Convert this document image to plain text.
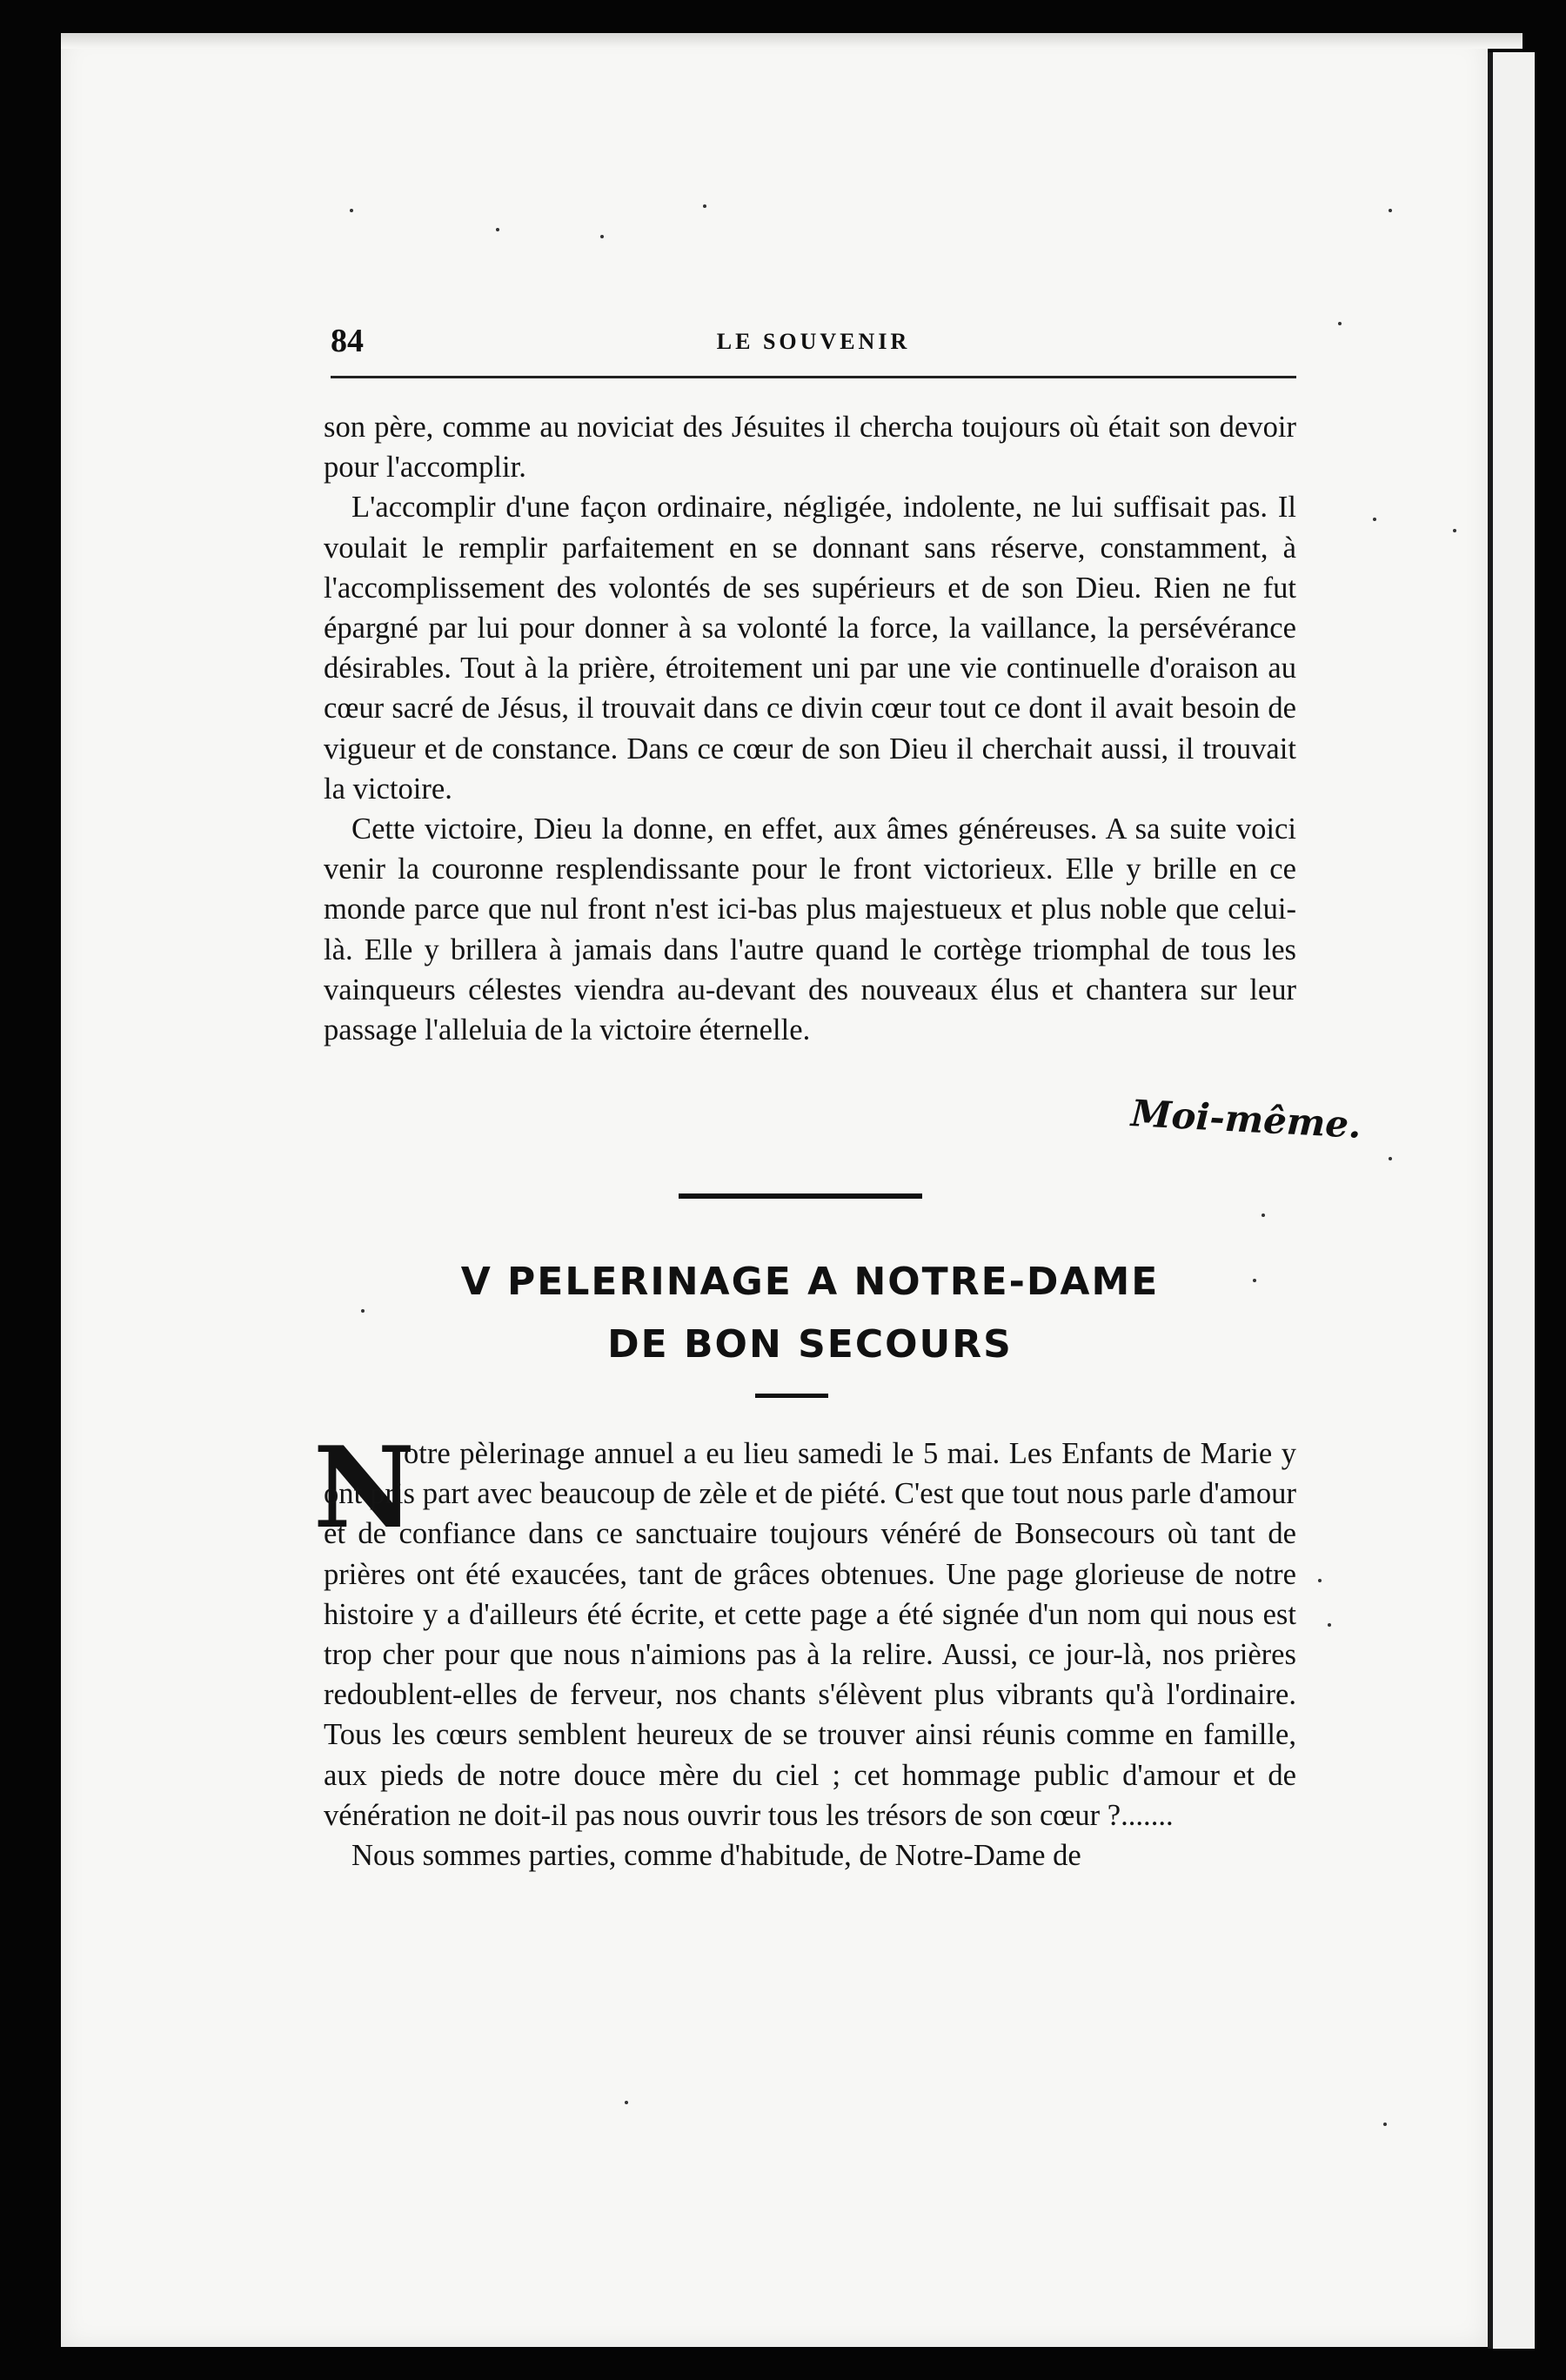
84	LE SOUVENIR

son père, comme au noviciat des Jésuites il chercha toujours où était son devoir pour l'accomplir.

L'accomplir d'une façon ordinaire, négligée, indolente, ne lui suffisait pas. Il voulait le remplir parfaitement en se donnant sans réserve, constamment, à l'accomplissement des volontés de ses supérieurs et de son Dieu. Rien ne fut épargné par lui pour donner à sa volonté la force, la vaillance, la persévérance désirables. Tout à la prière, étroitement uni par une vie continuelle d'oraison au cœur sacré de Jésus, il trouvait dans ce divin cœur tout ce dont il avait besoin de vigueur et de constance. Dans ce cœur de son Dieu il cherchait aussi, il trouvait la victoire.

Cette victoire, Dieu la donne, en effet, aux âmes généreuses. A sa suite voici venir la couronne resplendissante pour le front victorieux. Elle y brille en ce monde parce que nul front n'est ici-bas plus majestueux et plus noble que celui-là. Elle y brillera à jamais dans l'autre quand le cortège triomphal de tous les vainqueurs célestes viendra au-devant des nouveaux élus et chantera sur leur passage l'alleluia de la victoire éternelle.

Moi-même.
V PELERINAGE A NOTRE-DAME
DE BON SECOURS
N

otre pèlerinage annuel a eu lieu samedi le 5 mai. Les Enfants de Marie y ont pris part avec beaucoup de zèle et de piété. C'est que tout nous parle d'amour et de confiance dans ce sanctuaire toujours vénéré de Bonsecours où tant de prières ont été exaucées, tant de grâces obtenues. Une page glorieuse de notre histoire y a d'ailleurs été écrite, et cette page a été signée d'un nom qui nous est trop cher pour que nous n'aimions pas à la relire. Aussi, ce jour-là, nos prières redoublent-elles de ferveur, nos chants s'élèvent plus vibrants qu'à l'ordinaire. Tous les cœurs semblent heureux de se trouver ainsi réunis comme en famille, aux pieds de notre douce mère du ciel ; cet hommage public d'amour et de vénération ne doit-il pas nous ouvrir tous les trésors de son cœur ?.......

Nous sommes parties, comme d'habitude, de Notre-Dame de
